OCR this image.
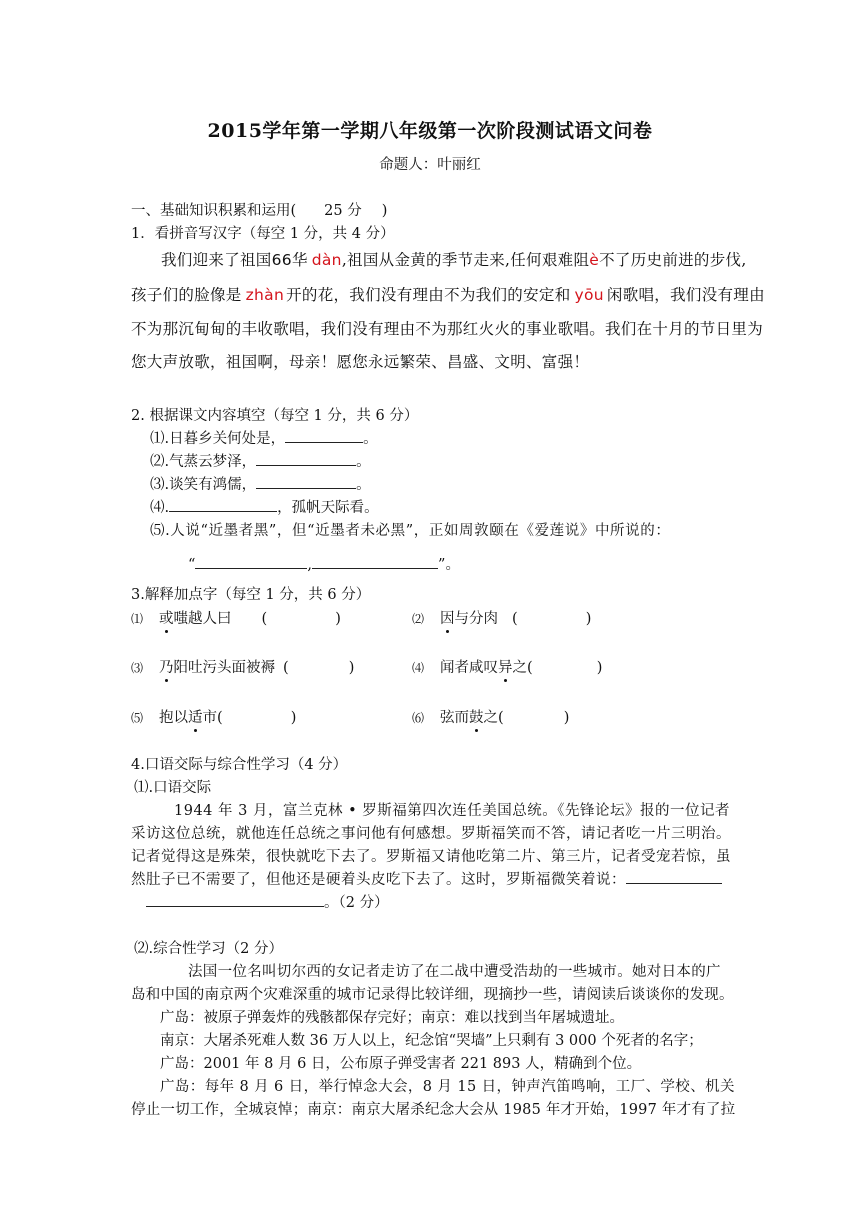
2015学年第一学期八年级第一次阶段测试语文问卷
命题人：叶丽红
一、基础知识积累和运用( 25 分 )
1．看拼音写汉字（每空 1 分，共 4 分）
我们迎来了祖国66华 dàn,祖国从金黄的季节走来,任何艰难阻è不了历史前进的步伐,
孩子们的脸像是 zhàn 开的花，我们没有理由不为我们的安定和 yōu 闲歌唱，我们没有理由
不为那沉甸甸的丰收歌唱，我们没有理由不为那红火火的事业歌唱。我们在十月的节日里为
您大声放歌，祖国啊，母亲！愿您永远繁荣、昌盛、文明、富强！
2. 根据课文内容填空（每空 1 分，共 6 分）
⑴.日暮乡关何处是，	。
⑵.气蒸云梦泽，	。
⑶.谈笑有鸿儒，	。
⑷.	，孤帆天际看。
⑸.人说“近墨者黑”，但“近墨者未必黑”，正如周敦颐在《爱莲说》中所说的：
“	,	”。
3.解释加点字（每空 1 分，共 6 分）
⑴ 或嗤越人曰 (	)	⑵ 因与分肉 (	)
⑶ 乃阳吐污头面被褥 (	)	⑷ 闻者咸叹异之(	)
⑸ 抱以适市(	)	⑹ 弦而鼓之(	)
4.口语交际与综合性学习（4 分）
⑴.口语交际
1944 年 3 月，富兰克林 • 罗斯福第四次连任美国总统。《先锋论坛》报的一位记者
采访这位总统，就他连任总统之事问他有何感想。罗斯福笑而不答，请记者吃一片三明治。
记者觉得这是殊荣，很快就吃下去了。罗斯福又请他吃第二片、第三片，记者受宠若惊，虽
然肚子已不需要了，但他还是硬着头皮吃下去了。这时，罗斯福微笑着说：
。（2 分）
⑵.综合性学习（2 分）
法国一位名叫切尔西的女记者走访了在二战中遭受浩劫的一些城市。她对日本的广
岛和中国的南京两个灾难深重的城市记录得比较详细，现摘抄一些，请阅读后谈谈你的发现。
广岛：被原子弹轰炸的残骸都保存完好；南京：难以找到当年屠城遗址。
南京：大屠杀死难人数 36 万人以上，纪念馆“哭墙”上只剩有 3 000 个死者的名字；
广岛：2001 年 8 月 6 日，公布原子弹受害者 221 893 人，精确到个位。
广岛：每年 8 月 6 日，举行悼念大会，8 月 15 日，钟声汽笛鸣响，工厂、学校、机关
停止一切工作，全城哀悼；南京：南京大屠杀纪念大会从 1985 年才开始，1997 年才有了拉
